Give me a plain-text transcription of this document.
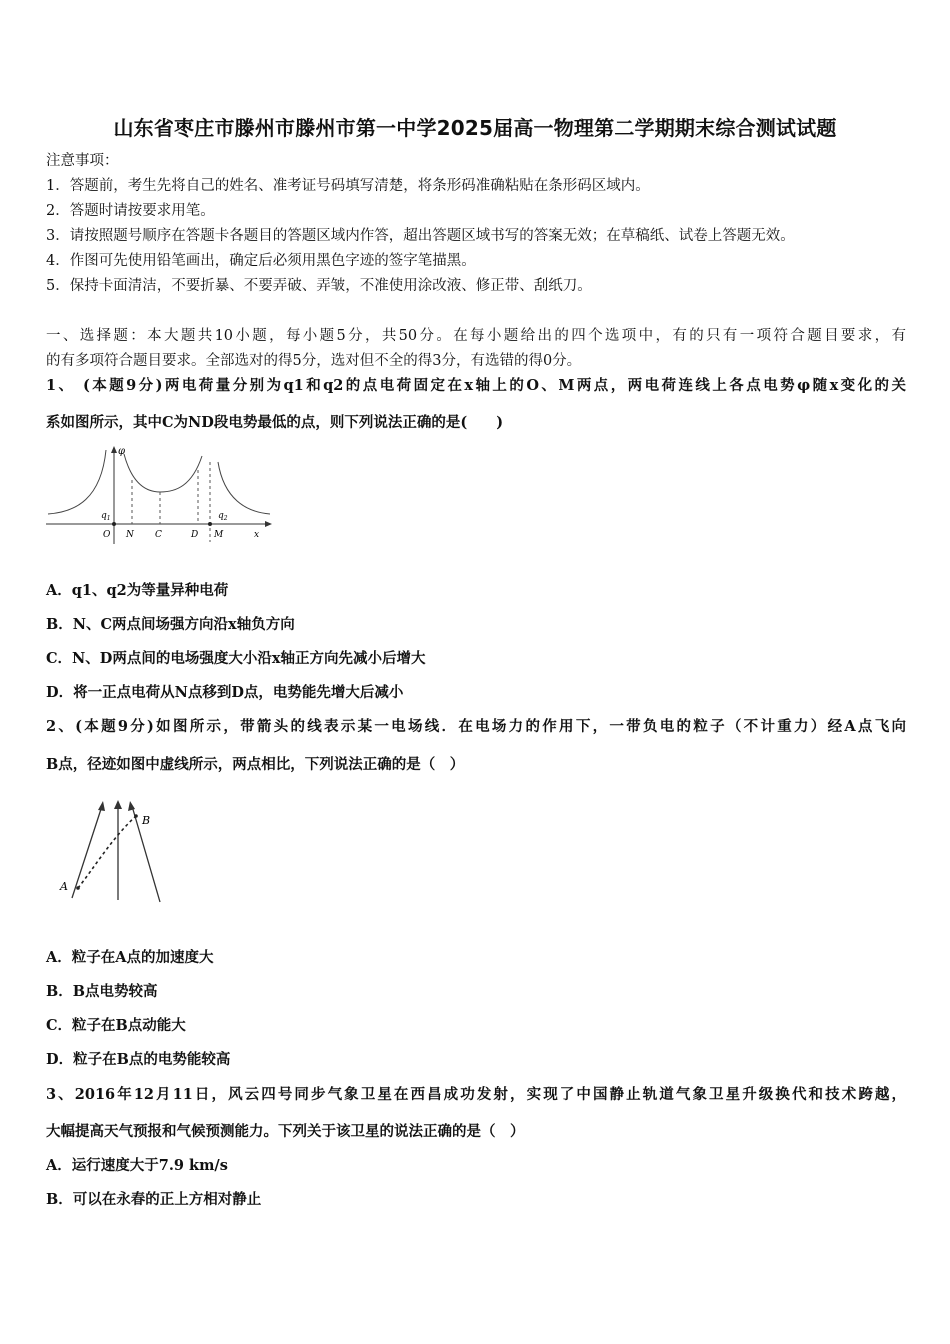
山东省枣庄市滕州市滕州市第一中学2025届高一物理第二学期期末综合测试试题
注意事项：
1．答题前，考生先将自己的姓名、准考证号码填写清楚，将条形码准确粘贴在条形码区域内。
2．答题时请按要求用笔。
3．请按照题号顺序在答题卡各题目的答题区域内作答，超出答题区域书写的答案无效；在草稿纸、试卷上答题无效。
4．作图可先使用铅笔画出，确定后必须用黑色字迹的签字笔描黑。
5．保持卡面清洁，不要折暴、不要弄破、弄皱，不准使用涂改液、修正带、刮纸刀。
一、选择题：本大题共10小题，每小题5分，共50分。在每小题给出的四个选项中，有的只有一项符合题目要求，有
的有多项符合题目要求。全部选对的得5分，选对但不全的得3分，有选错的得0分。
1、 (本题9分)两电荷量分别为q1和q2的点电荷固定在x轴上的O、M两点，两电荷连线上各点电势φ随x变化的关
系如图所示，其中C为ND段电势最低的点，则下列说法正确的是(　　)
φ
$q_1$	$q_2$
O N C	D M	x
A．q1、q2为等量异种电荷
B．N、C两点间场强方向沿x轴负方向
C．N、D两点间的电场强度大小沿x轴正方向先减小后增大
D．将一正点电荷从N点移到D点，电势能先增大后减小
2、(本题9分)如图所示，带箭头的线表示某一电场线．在电场力的作用下，一带负电的粒子（不计重力）经A点飞向
B点，径迹如图中虚线所示，两点相比，下列说法正确的是（　）
A
B
A．粒子在A点的加速度大
B．B点电势较高
C．粒子在B点动能大
D．粒子在B点的电势能较高
3、2016年12月11日，风云四号同步气象卫星在西昌成功发射，实现了中国静止轨道气象卫星升级换代和技术跨越，
大幅提高天气预报和气候预测能力。下列关于该卫星的说法正确的是（　）
A．运行速度大于7.9 km/s
B．可以在永春的正上方相对静止
